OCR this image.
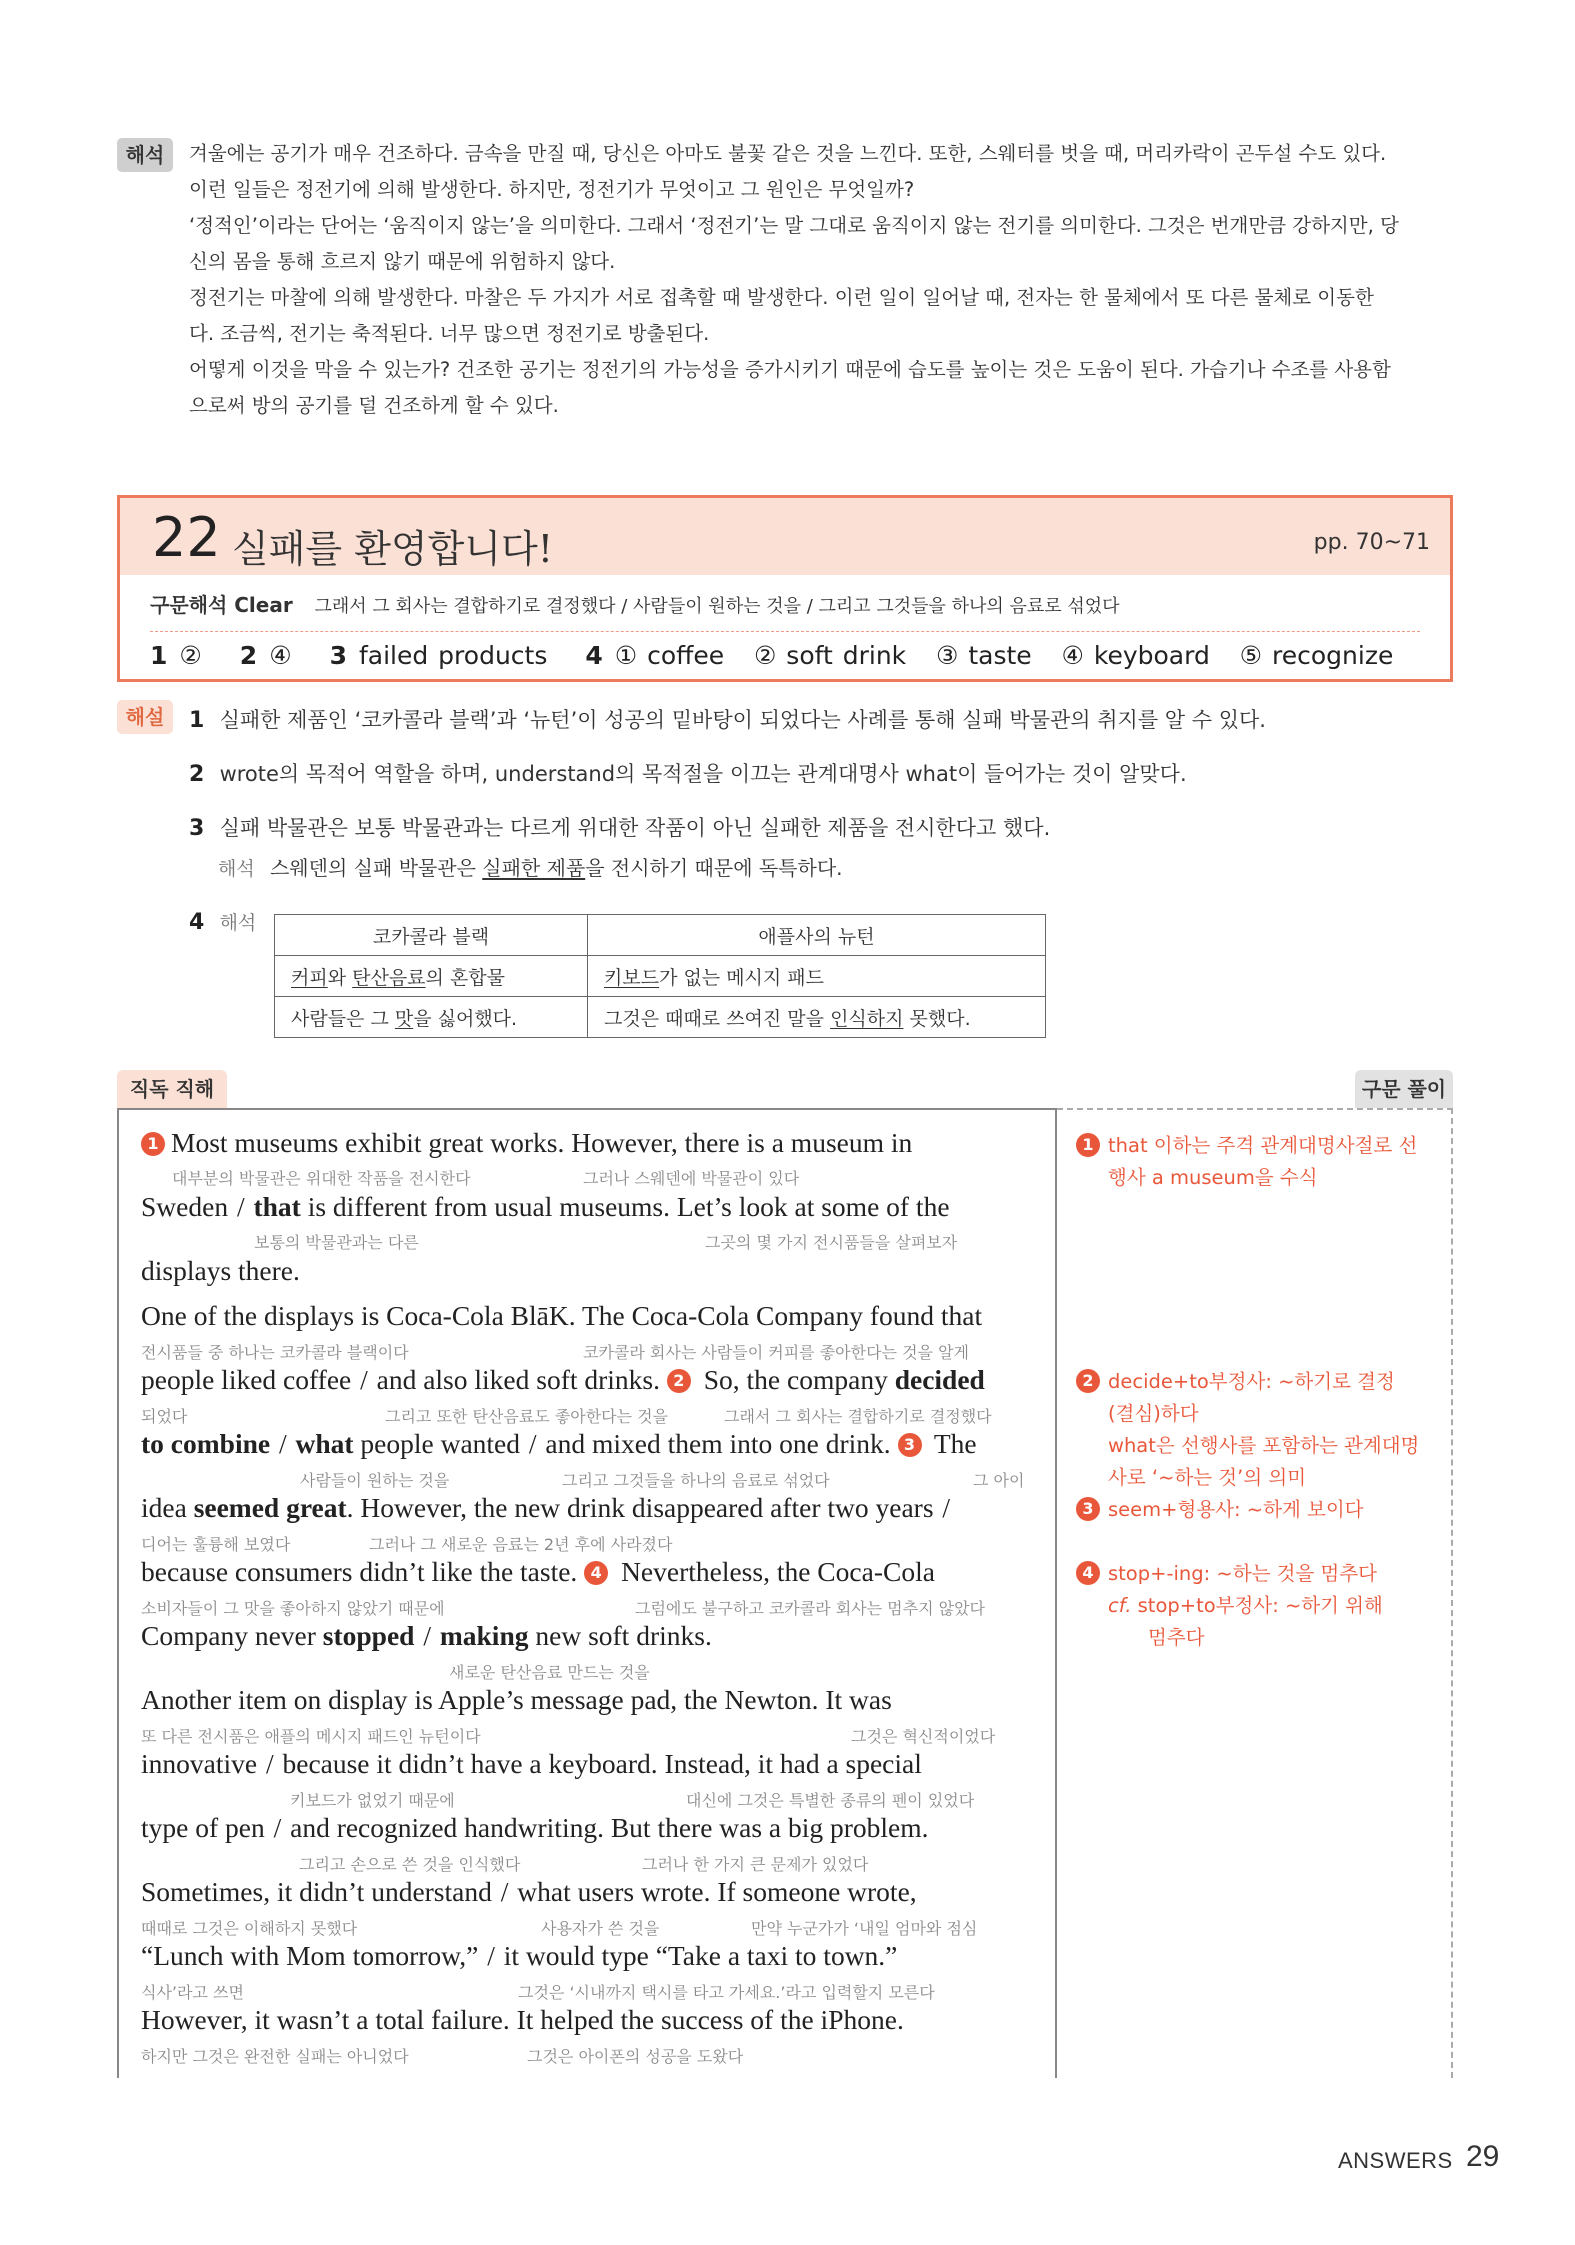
해석	겨울에는 공기가 매우 건조하다. 금속을 만질 때, 당신은 아마도 불꽃 같은 것을 느낀다. 또한, 스웨터를 벗을 때, 머리카락이 곤두설 수도 있다.
이런 일들은 정전기에 의해 발생한다. 하지만, 정전기가 무엇이고 그 원인은 무엇일까?
‘정적인’이라는 단어는 ‘움직이지 않는’을 의미한다. 그래서 ‘정전기’는 말 그대로 움직이지 않는 전기를 의미한다. 그것은 번개만큼 강하지만, 당
신의 몸을 통해 흐르지 않기 때문에 위험하지 않다.
정전기는 마찰에 의해 발생한다. 마찰은 두 가지가 서로 접촉할 때 발생한다. 이런 일이 일어날 때, 전자는 한 물체에서 또 다른 물체로 이동한
다. 조금씩, 전기는 축적된다. 너무 많으면 정전기로 방출된다.
어떻게 이것을 막을 수 있는가? 건조한 공기는 정전기의 가능성을 증가시키기 때문에 습도를 높이는 것은 도움이 된다. 가습기나 수조를 사용함
으로써 방의 공기를 덜 건조하게 할 수 있다.
22 실패를 환영합니다!	pp. 70~71
구문해석 Clear 그래서 그 회사는 결합하기로 결정했다 / 사람들이 원하는 것을 / 그리고 그것들을 하나의 음료로 섞었다
1 ② 2 ④ 3 failed products 4 ① coffee   ② soft drink   ③ taste   ④ keyboard   ⑤ recognize
해설	1 실패한 제품인 ‘코카콜라 블랙’과 ‘뉴턴’이 성공의 밑바탕이 되었다는 사례를 통해 실패 박물관의 취지를 알 수 있다.
2 wrote의 목적어 역할을 하며, understand의 목적절을 이끄는 관계대명사 what이 들어가는 것이 알맞다.
3 실패 박물관은 보통 박물관과는 다르게 위대한 작품이 아닌 실패한 제품을 전시한다고 했다.
해석 스웨덴의 실패 박물관은 실패한 제품을 전시하기 때문에 독특하다.
4 해석
코카콜라 블랙	애플사의 뉴턴
커피와 탄산음료의 혼합물	키보드가 없는 메시지 패드
사람들은 그 맛을 싫어했다.	그것은 때때로 쓰여진 말을 인식하지 못했다.
직독 직해	구문 풀이
1 Most museums exhibit great works. However, there is a museum in
대부분의 박물관은 위대한 작품을 전시한다	그러나 스웨덴에 박물관이 있다
Sweden / that is different from usual museums. Let’s look at some of the
보통의 박물관과는 다른	그곳의 몇 가지 전시품들을 살펴보자
displays there.
One of the displays is Coca-Cola BlāK. The Coca-Cola Company found that
전시품들 중 하나는 코카콜라 블랙이다	코카콜라 회사는 사람들이 커피를 좋아한다는 것을 알게
people liked coffee / and also liked soft drinks. 2 So, the company decided
되었다	그리고 또한 탄산음료도 좋아한다는 것을	그래서 그 회사는 결합하기로 결정했다
to combine / what people wanted / and mixed them into one drink. 3 The
사람들이 원하는 것을	그리고 그것들을 하나의 음료로 섞었다	그 아이
idea seemed great. However, the new drink disappeared after two years /
디어는 훌륭해 보였다	그러나 그 새로운 음료는 2년 후에 사라졌다
because consumers didn’t like the taste. 4 Nevertheless, the Coca-Cola
소비자들이 그 맛을 좋아하지 않았기 때문에	그럼에도 불구하고 코카콜라 회사는 멈추지 않았다
Company never stopped / making new soft drinks.
새로운 탄산음료 만드는 것을
Another item on display is Apple’s message pad, the Newton. It was
또 다른 전시품은 애플의 메시지 패드인 뉴턴이다	그것은 혁신적이었다
innovative / because it didn’t have a keyboard. Instead, it had a special
키보드가 없었기 때문에	대신에 그것은 특별한 종류의 펜이 있었다
type of pen / and recognized handwriting. But there was a big problem.
그리고 손으로 쓴 것을 인식했다	그러나 한 가지 큰 문제가 있었다
Sometimes, it didn’t understand / what users wrote. If someone wrote,
때때로 그것은 이해하지 못했다	사용자가 쓴 것을	만약 누군가가 ‘내일 엄마와 점심
“Lunch with Mom tomorrow,” / it would type “Take a taxi to town.”
식사’라고 쓰면	그것은 ‘시내까지 택시를 타고 가세요.’라고 입력할지 모른다
However, it wasn’t a total failure. It helped the success of the iPhone.
하지만 그것은 완전한 실패는 아니었다	그것은 아이폰의 성공을 도왔다
1 that 이하는 주격 관계대명사절로 선
행사 a museum을 수식
2 decide+to부정사: ~하기로 결정
(결심)하다
what은 선행사를 포함하는 관계대명
사로 ‘~하는 것’의 의미
3 seem+형용사: ~하게 보이다
4 stop+-ing: ~하는 것을 멈추다
cf. stop+to부정사: ~하기 위해
멈추다
ANSWERS 29
